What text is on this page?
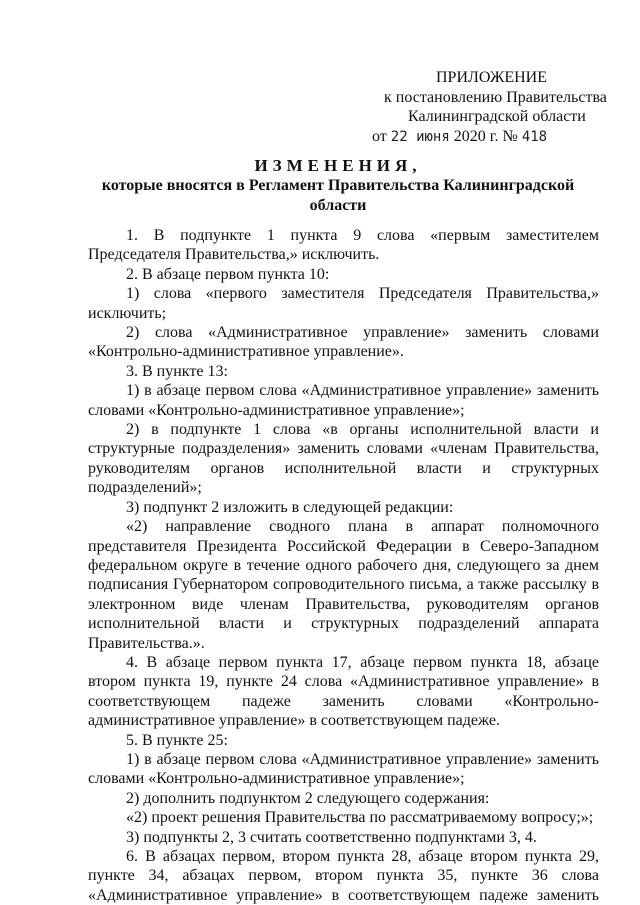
ПРИЛОЖЕНИЕ
к постановлению Правительства
Калининградской области
от 22 июня 2020 г. № 418
ИЗМЕНЕНИЯ,
которые вносятся в Регламент Правительства Калининградской области

1. В подпункте 1 пункта 9 слова «первым заместителем Председателя Правительства,» исключить.

2. В абзаце первом пункта 10:

1) слова «первого заместителя Председателя Правительства,» исключить;

2) слова «Административное управление» заменить словами «Контрольно-административное управление».

3. В пункте 13:

1) в абзаце первом слова «Административное управление» заменить словами «Контрольно-административное управление»;

2) в подпункте 1 слова «в органы исполнительной власти и структурные подразделения» заменить словами «членам Правительства, руководителям органов исполнительной власти и структурных подразделений»;

3) подпункт 2 изложить в следующей редакции:

«2) направление сводного плана в аппарат полномочного представителя Президента Российской Федерации в Северо-Западном федеральном округе в течение одного рабочего дня, следующего за днем подписания Губернатором сопроводительного письма, а также рассылку в электронном виде членам Правительства, руководителям органов исполнительной власти и структурных подразделений аппарата Правительства.».

4. В абзаце первом пункта 17, абзаце первом пункта 18, абзаце втором пункта 19, пункте 24 слова «Административное управление» в соответствующем падеже заменить словами «Контрольно-административное управление» в соответствующем падеже.

5. В пункте 25:

1) в абзаце первом слова «Административное управление» заменить словами «Контрольно-административное управление»;

2) дополнить подпунктом 2 следующего содержания:

«2) проект решения Правительства по рассматриваемому вопросу;»;

3) подпункты 2, 3 считать соответственно подпунктами 3, 4.

6. В абзацах первом, втором пункта 28, абзаце втором пункта 29, пункте 34, абзацах первом, втором пункта 35, пункте 36 слова «Административное управление» в соответствующем падеже заменить
